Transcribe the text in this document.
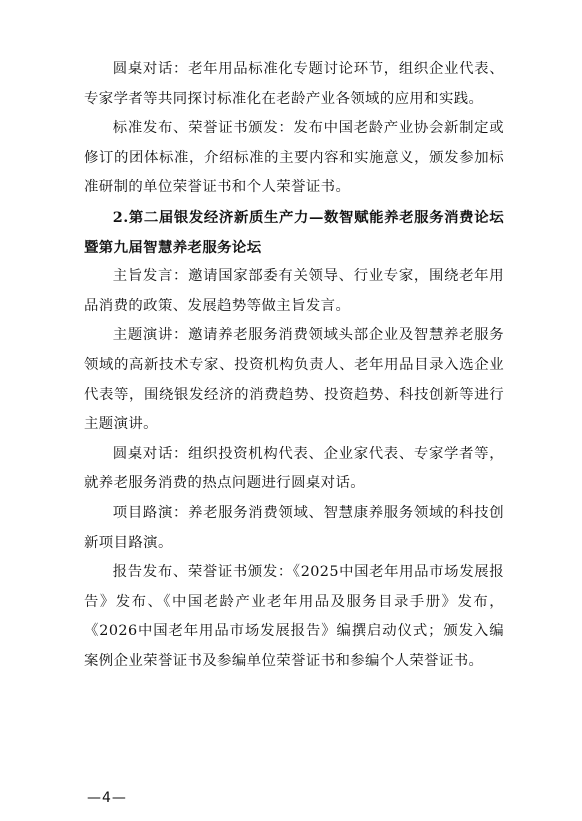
圆桌对话：老年用品标准化专题讨论环节，组织企业代表、专家学者等共同探讨标准化在老龄产业各领域的应用和实践。

标准发布、荣誉证书颁发：发布中国老龄产业协会新制定或修订的团体标准，介绍标准的主要内容和实施意义，颁发参加标准研制的单位荣誉证书和个人荣誉证书。

2.第二届银发经济新质生产力—数智赋能养老服务消费论坛暨第九届智慧养老服务论坛

主旨发言：邀请国家部委有关领导、行业专家，围绕老年用品消费的政策、发展趋势等做主旨发言。

主题演讲：邀请养老服务消费领域头部企业及智慧养老服务领域的高新技术专家、投资机构负责人、老年用品目录入选企业代表等，围绕银发经济的消费趋势、投资趋势、科技创新等进行主题演讲。

圆桌对话：组织投资机构代表、企业家代表、专家学者等，就养老服务消费的热点问题进行圆桌对话。

项目路演：养老服务消费领域、智慧康养服务领域的科技创新项目路演。

报告发布、荣誉证书颁发：《2025中国老年用品市场发展报告》发布、《中国老龄产业老年用品及服务目录手册》发布，《2026中国老年用品市场发展报告》编撰启动仪式；颁发入编案例企业荣誉证书及参编单位荣誉证书和参编个人荣誉证书。

—4—
